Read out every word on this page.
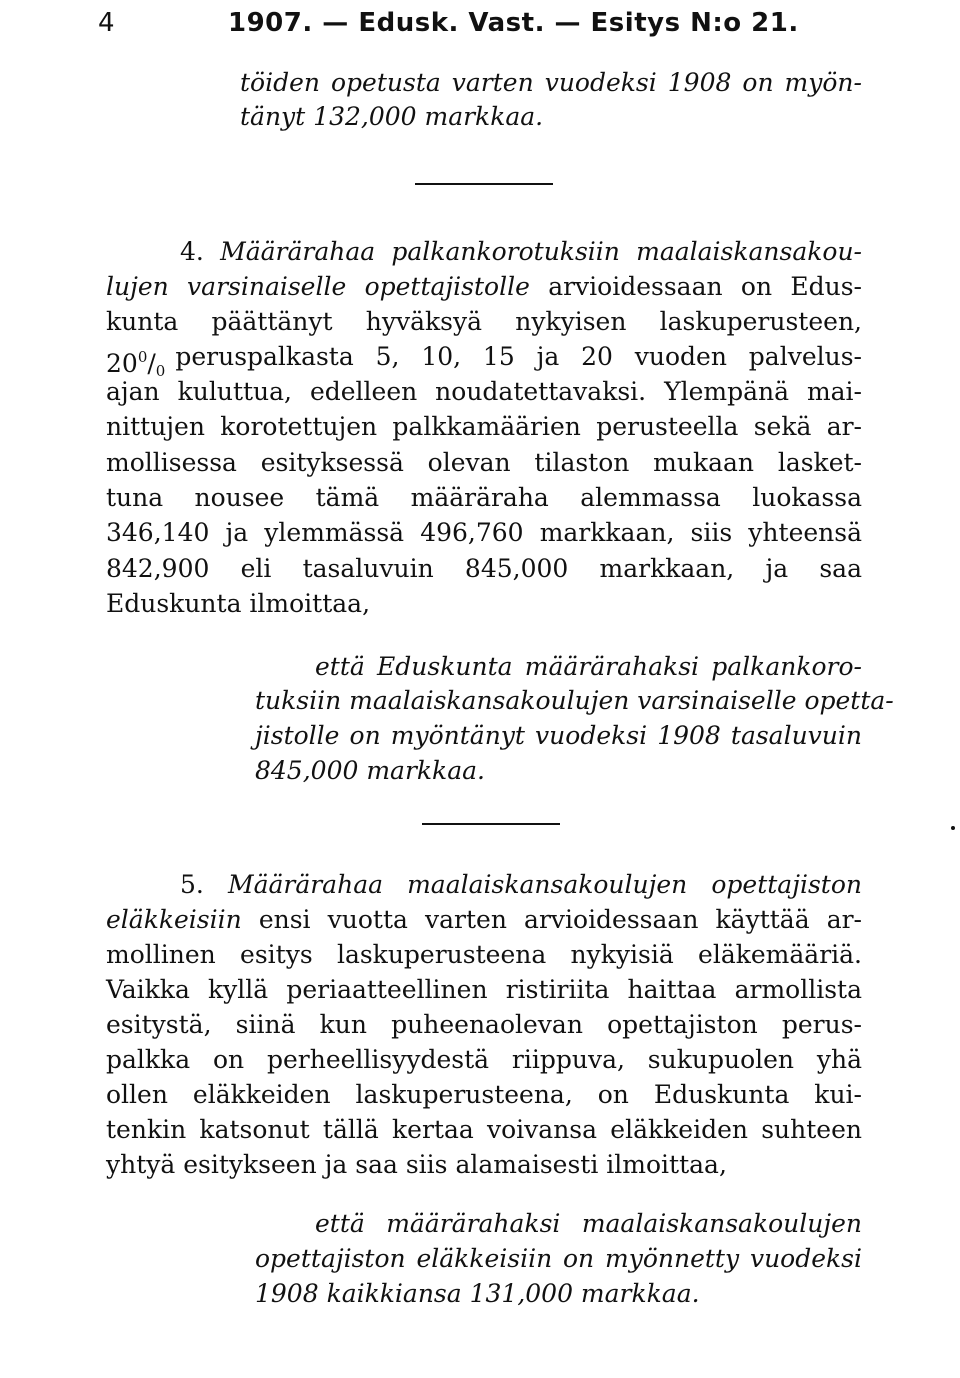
4	1907. — Edusk. Vast. — Esitys N:o 21.
töiden opetusta varten vuodeksi 1908 on myön-
tänyt 132,000 markkaa.
4. Määrärahaa palkankorotuksiin maalaiskansakou-
lujen varsinaiselle opettajistolle arvioidessaan on Edus-
kunta päättänyt hyväksyä nykyisen laskuperusteen,
$20^0/_0$ peruspalkasta 5, 10, 15 ja 20 vuoden palvelus-
ajan kuluttua, edelleen noudatettavaksi. Ylempänä mai-
nittujen korotettujen palkkamäärien perusteella sekä ar-
mollisessa esityksessä olevan tilaston mukaan lasket-
tuna nousee tämä määräraha alemmassa luokassa
346,140 ja ylemmässä 496,760 markkaan, siis yhteensä
842,900 eli tasaluvuin 845,000 markkaan, ja saa
Eduskunta ilmoittaa,
että Eduskunta määrärahaksi palkankoro-
tuksiin maalaiskansakoulujen varsinaiselle opetta-
jistolle on myöntänyt vuodeksi 1908 tasaluvuin
845,000 markkaa.
5. Määrärahaa maalaiskansakoulujen opettajiston
eläkkeisiin ensi vuotta varten arvioidessaan käyttää ar-
mollinen esitys laskuperusteena nykyisiä eläkemääriä.
Vaikka kyllä periaatteellinen ristiriita haittaa armollista
esitystä, siinä kun puheenaolevan opettajiston perus-
palkka on perheellisyydestä riippuva, sukupuolen yhä
ollen eläkkeiden laskuperusteena, on Eduskunta kui-
tenkin katsonut tällä kertaa voivansa eläkkeiden suhteen
yhtyä esitykseen ja saa siis alamaisesti ilmoittaa,
että määrärahaksi maalaiskansakoulujen
opettajiston eläkkeisiin on myönnetty vuodeksi
1908 kaikkiansa 131,000 markkaa.
